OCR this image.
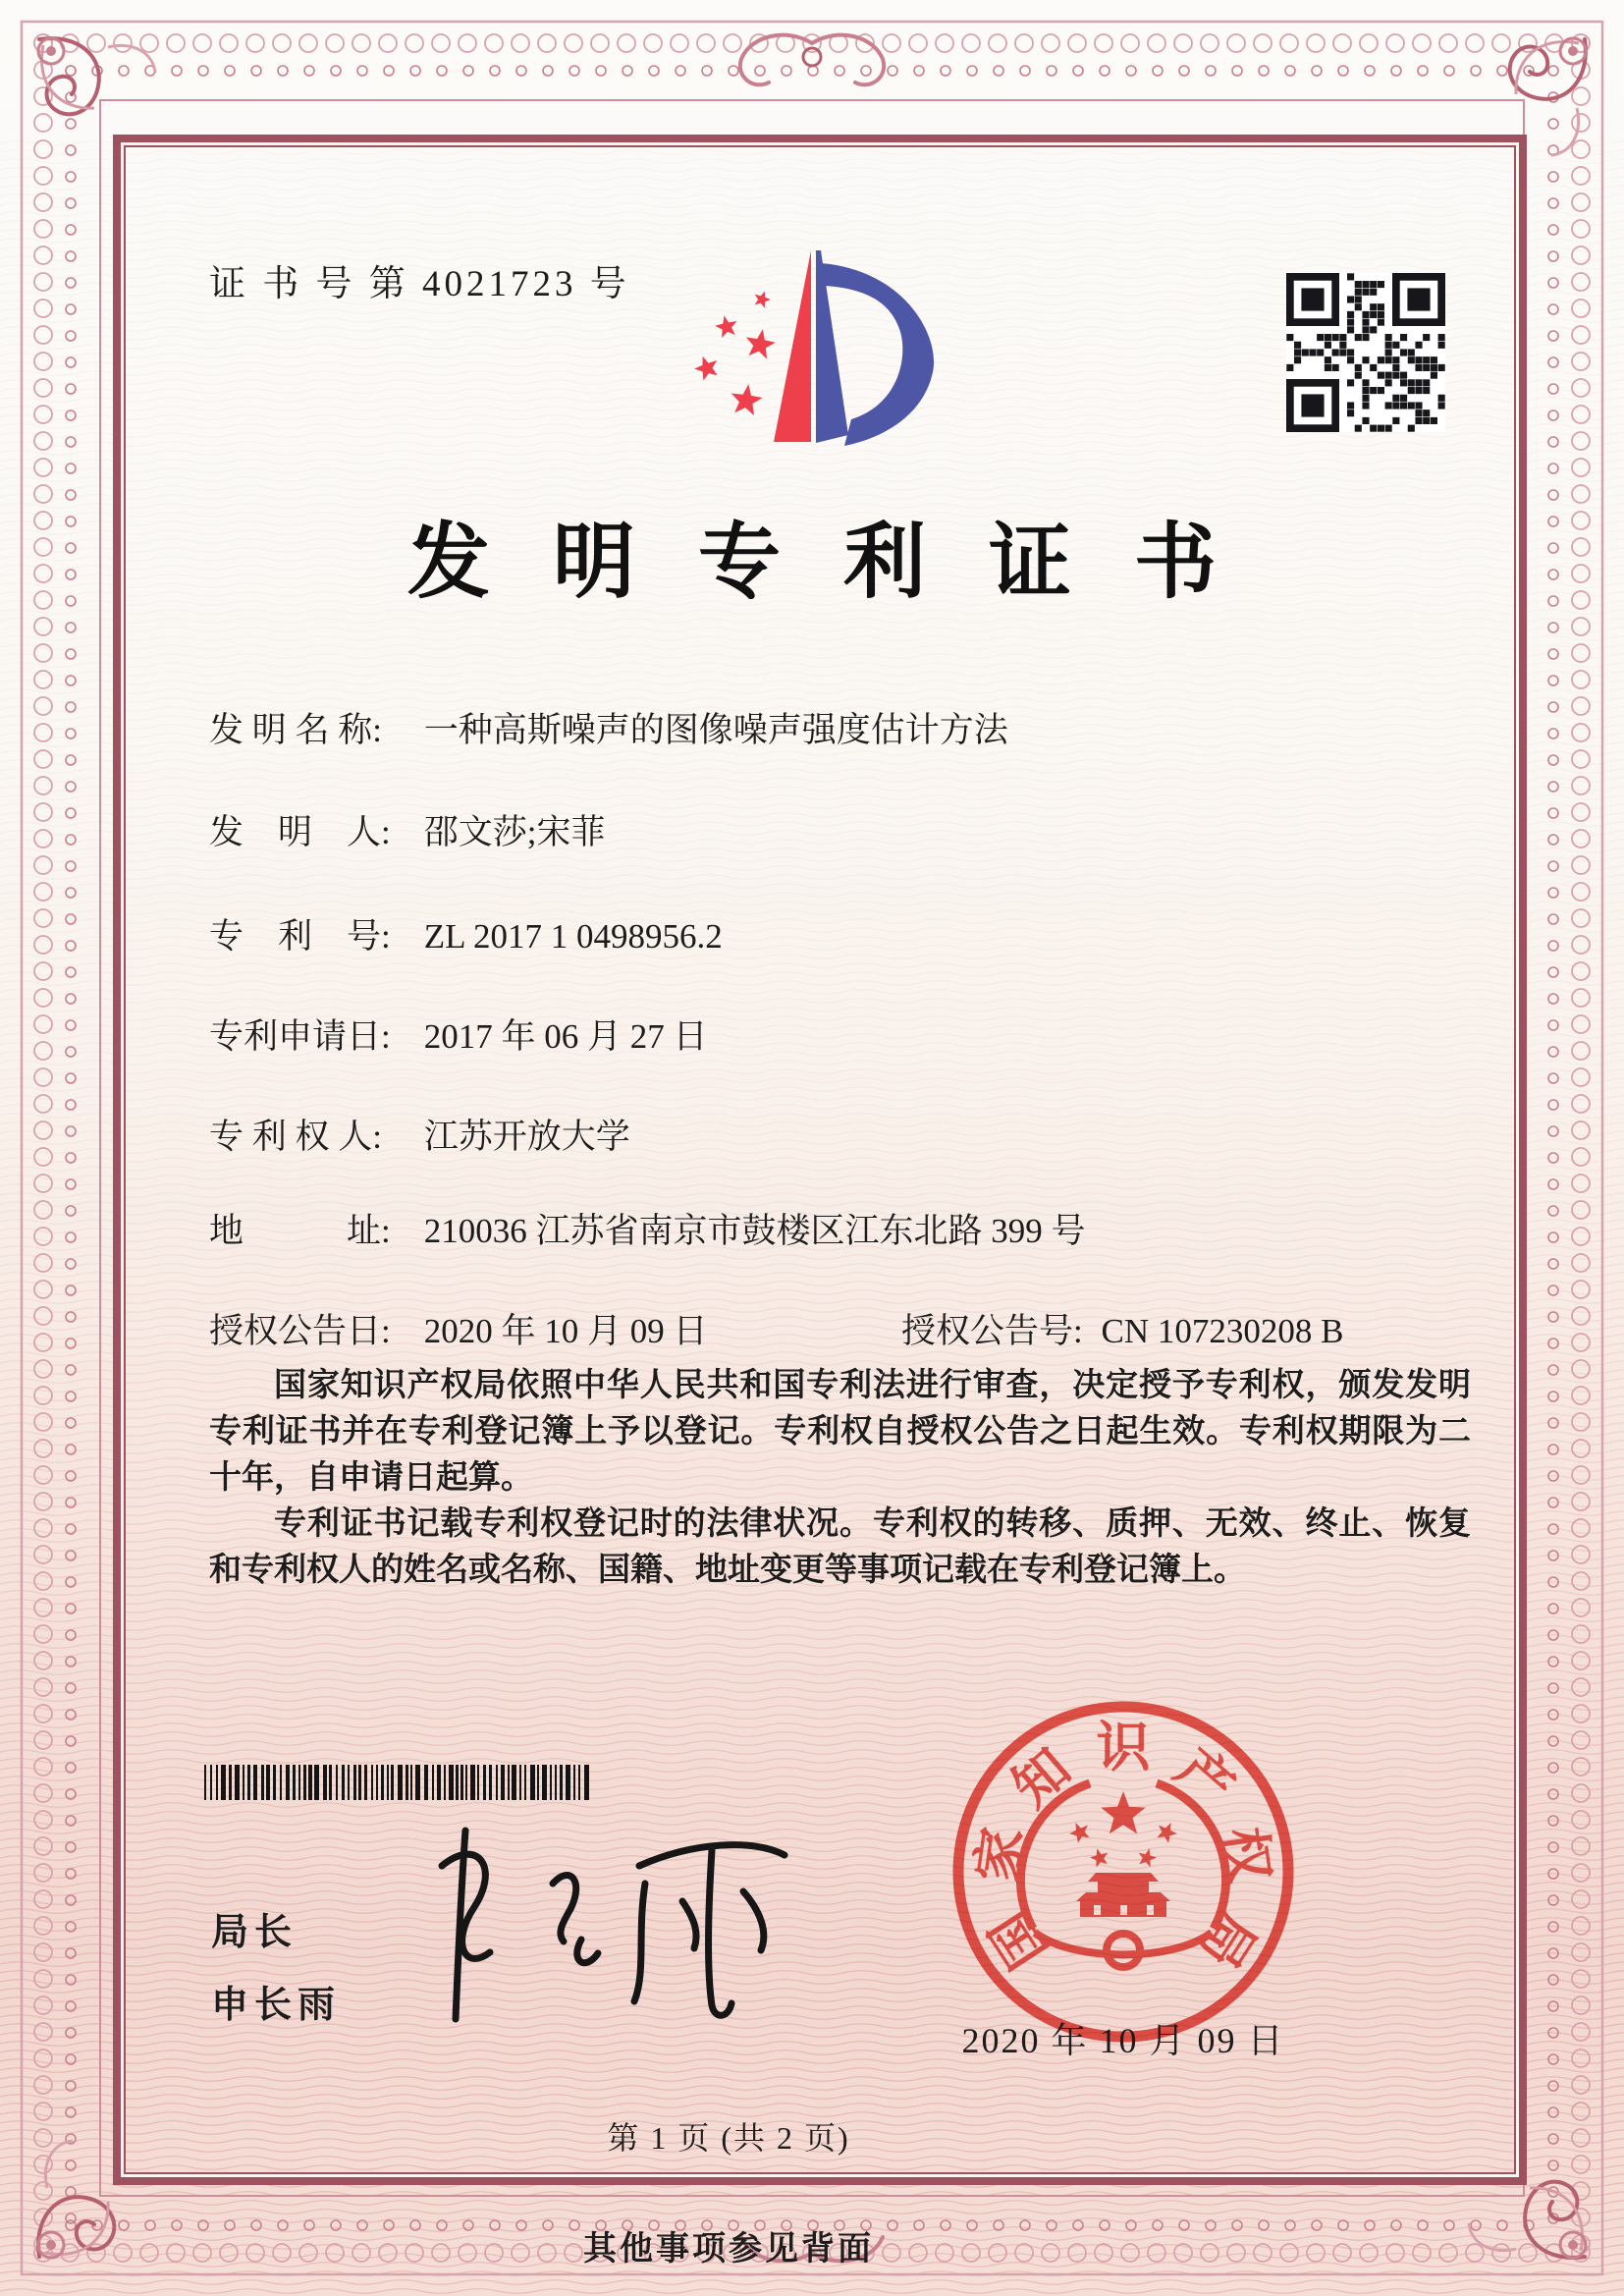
证 书 号 第 4021723 号
发明专利证书
发 明 名 称: 一种高斯噪声的图像噪声强度估计方法
发　明　人: 邵文莎;宋菲
专　利　号: ZL 2017 1 0498956.2
专利申请日: 2017 年 06 月 27 日
专 利 权 人: 江苏开放大学
地　　　址: 210036 江苏省南京市鼓楼区江东北路 399 号
授权公告日: 2020 年 10 月 09 日	授权公告号: CN 107230208 B

国家知识产权局依照中华人民共和国专利法进行审查，决定授予专利权，颁发发明专利证书并在专利登记簿上予以登记。专利权自授权公告之日起生效。专利权期限为二十年，自申请日起算。

专利证书记载专利权登记时的法律状况。专利权的转移、质押、无效、终止、恢复和专利权人的姓名或名称、国籍、地址变更等事项记载在专利登记簿上。

局长
申长雨
国
家
知 识 产
权
局
2020 年 10 月 09 日
第 1 页 (共 2 页)
其他事项参见背面
